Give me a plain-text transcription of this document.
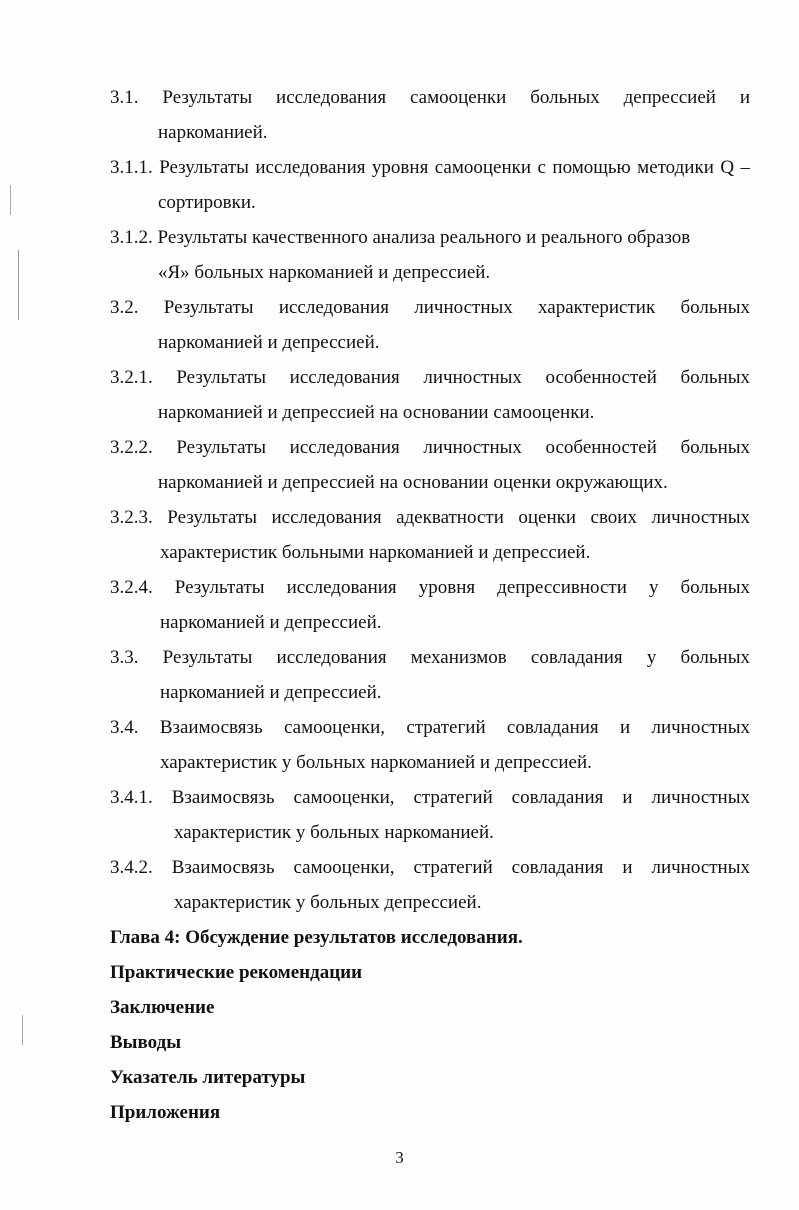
3.1. Результаты исследования самооценки больных депрессией и
наркоманией.
3.1.1. Результаты исследования уровня самооценки с помощью методики Q –
сортировки.
3.1.2. Результаты качественного анализа реального и реального образов
«Я» больных наркоманией и депрессией.
3.2. Результаты исследования личностных характеристик больных
наркоманией и депрессией.
3.2.1. Результаты исследования личностных особенностей больных
наркоманией и депрессией на основании самооценки.
3.2.2. Результаты исследования личностных особенностей больных
наркоманией и депрессией на основании оценки окружающих.
3.2.3. Результаты исследования адекватности оценки своих личностных
характеристик больными наркоманией и депрессией.
3.2.4. Результаты исследования уровня депрессивности у больных
наркоманией и депрессией.
3.3. Результаты исследования механизмов совладания у больных
наркоманией и депрессией.
3.4. Взаимосвязь самооценки, стратегий совладания и личностных
характеристик у больных наркоманией и депрессией.
3.4.1. Взаимосвязь самооценки, стратегий совладания и личностных
характеристик у больных наркоманией.
3.4.2. Взаимосвязь самооценки, стратегий совладания и личностных
характеристик у больных депрессией.
Глава 4: Обсуждение результатов исследования.
Практические рекомендации
Заключение
Выводы
Указатель литературы
Приложения
3
